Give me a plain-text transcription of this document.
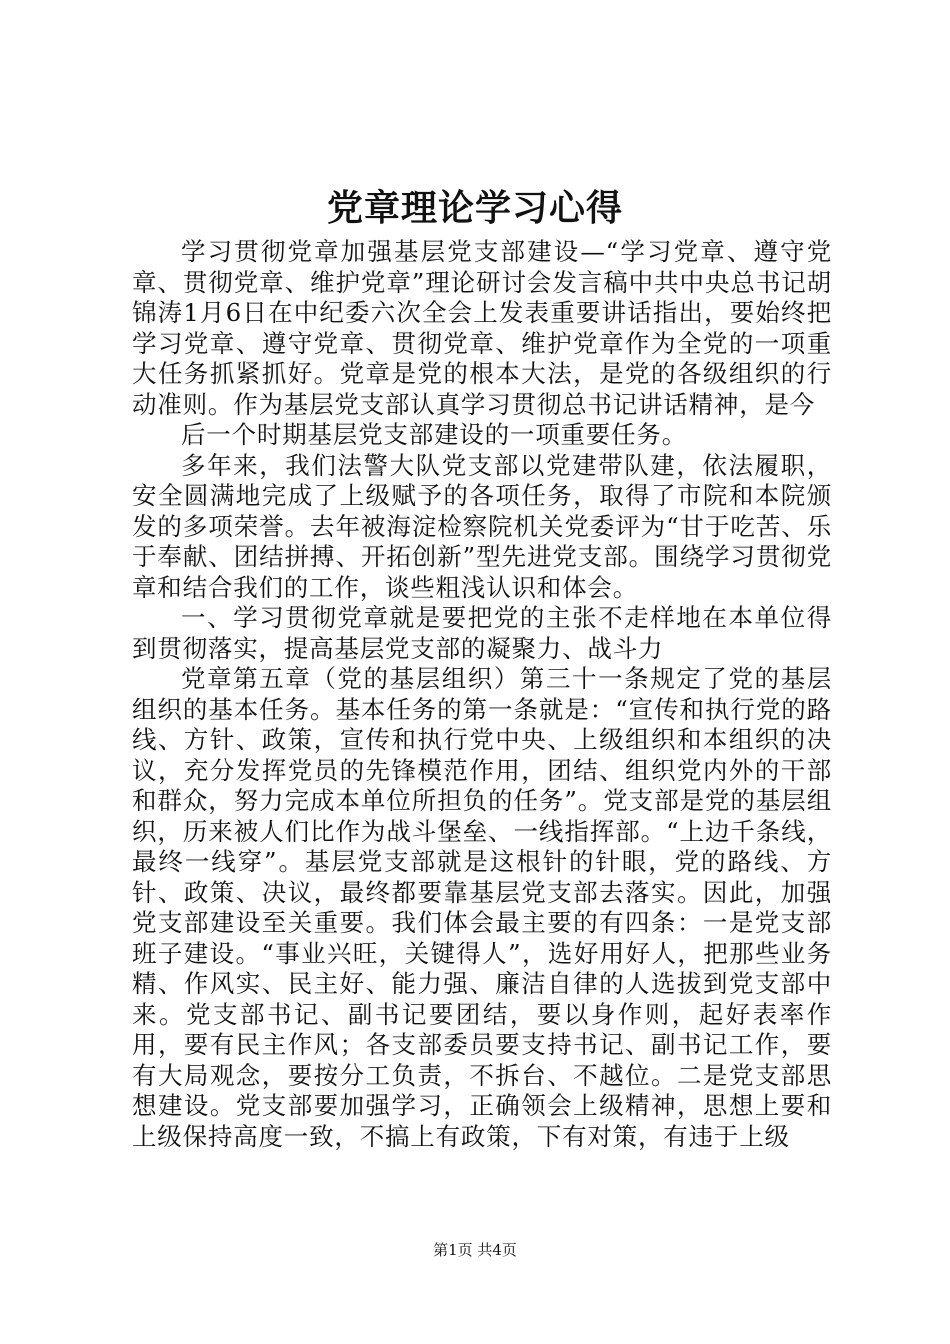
党章理论学习心得

学习贯彻党章加强基层党支部建设—“学习党章、遵守党章、贯彻党章、维护党章”理论研讨会发言稿中共中央总书记胡锦涛1月6日在中纪委六次全会上发表重要讲话指出，要始终把学习党章、遵守党章、贯彻党章、维护党章作为全党的一项重大任务抓紧抓好。党章是党的根本大法，是党的各级组织的行动准则。作为基层党支部认真学习贯彻总书记讲话精神，是今

后一个时期基层党支部建设的一项重要任务。

多年来，我们法警大队党支部以党建带队建，依法履职，安全圆满地完成了上级赋予的各项任务，取得了市院和本院颁发的多项荣誉。去年被海淀检察院机关党委评为“甘于吃苦、乐于奉献、团结拼搏、开拓创新”型先进党支部。围绕学习贯彻党章和结合我们的工作，谈些粗浅认识和体会。

一、学习贯彻党章就是要把党的主张不走样地在本单位得到贯彻落实，提高基层党支部的凝聚力、战斗力

党章第五章（党的基层组织）第三十一条规定了党的基层组织的基本任务。基本任务的第一条就是：“宣传和执行党的路线、方针、政策，宣传和执行党中央、上级组织和本组织的决议，充分发挥党员的先锋模范作用，团结、组织党内外的干部和群众，努力完成本单位所担负的任务”。党支部是党的基层组织，历来被人们比作为战斗堡垒、一线指挥部。“上边千条线，最终一线穿”。基层党支部就是这根针的针眼，党的路线、方针、政策、决议，最终都要靠基层党支部去落实。因此，加强党支部建设至关重要。我们体会最主要的有四条：一是党支部班子建设。“事业兴旺，关键得人”，选好用好人，把那些业务精、作风实、民主好、能力强、廉洁自律的人选拔到党支部中来。党支部书记、副书记要团结，要以身作则，起好表率作用，要有民主作风；各支部委员要支持书记、副书记工作，要有大局观念，要按分工负责，不拆台、不越位。二是党支部思想建设。党支部要加强学习，正确领会上级精神，思想上要和上级保持高度一致，不搞上有政策，下有对策，有违于上级

第1页 共4页
